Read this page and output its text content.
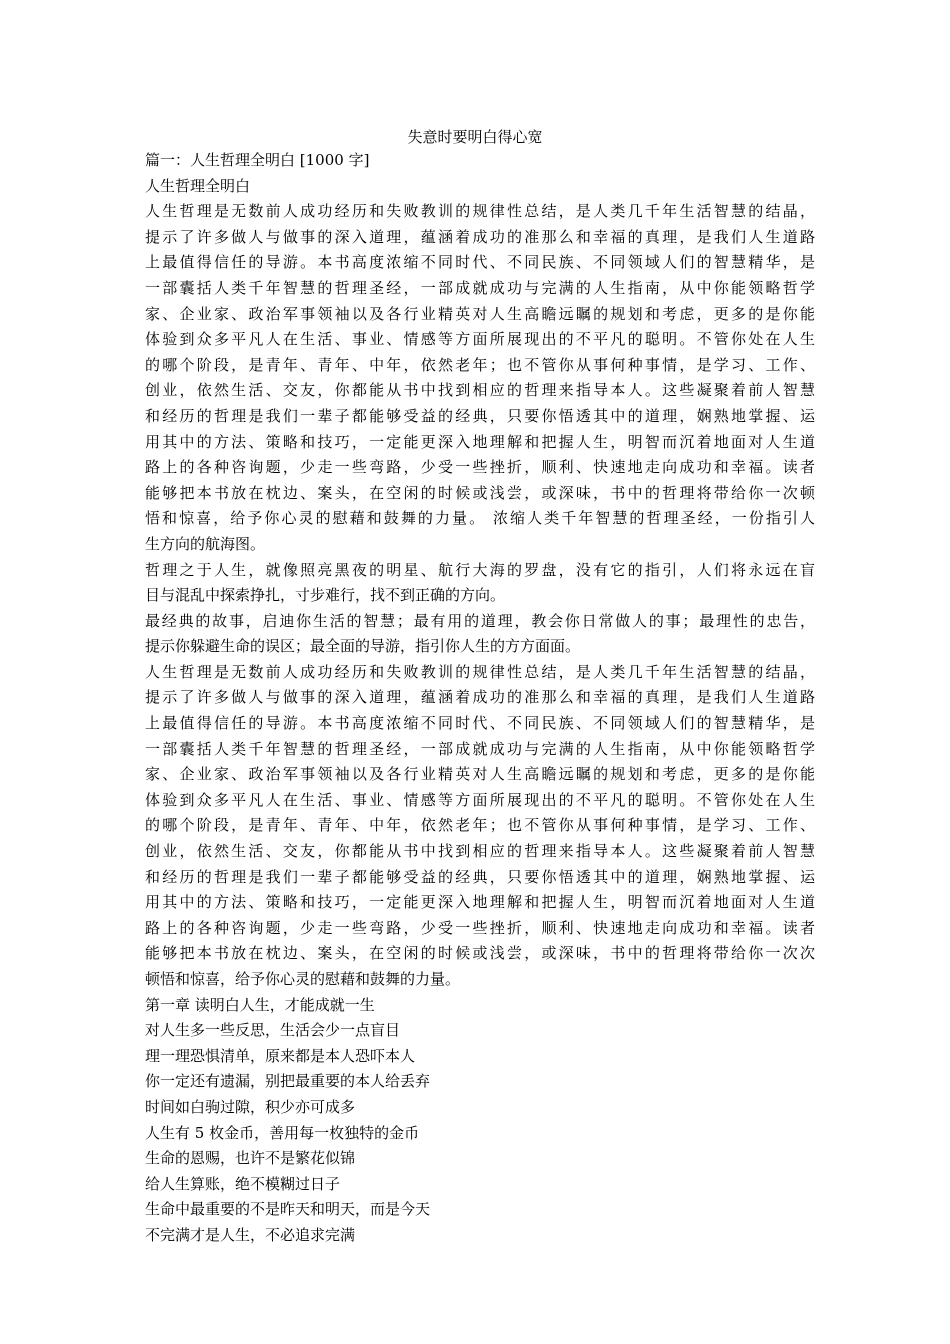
失意时要明白得心宽
篇一：人生哲理全明白 [1000 字]
人生哲理全明白
人生哲理是无数前人成功经历和失败教训的规律性总结，是人类几千年生活智慧的结晶，
提示了许多做人与做事的深入道理，蕴涵着成功的准那么和幸福的真理，是我们人生道路
上最值得信任的导游。本书高度浓缩不同时代、不同民族、不同领域人们的智慧精华，是
一部囊括人类千年智慧的哲理圣经，一部成就成功与完满的人生指南，从中你能领略哲学
家、企业家、政治军事领袖以及各行业精英对人生高瞻远瞩的规划和考虑，更多的是你能
体验到众多平凡人在生活、事业、情感等方面所展现出的不平凡的聪明。不管你处在人生
的哪个阶段，是青年、青年、中年，依然老年；也不管你从事何种事情，是学习、工作、
创业，依然生活、交友，你都能从书中找到相应的哲理来指导本人。这些凝聚着前人智慧
和经历的哲理是我们一辈子都能够受益的经典，只要你悟透其中的道理，娴熟地掌握、运
用其中的方法、策略和技巧，一定能更深入地理解和把握人生，明智而沉着地面对人生道
路上的各种咨询题，少走一些弯路，少受一些挫折，顺利、快速地走向成功和幸福。读者
能够把本书放在枕边、案头，在空闲的时候或浅尝，或深味，书中的哲理将带给你一次顿
悟和惊喜，给予你心灵的慰藉和鼓舞的力量。 浓缩人类千年智慧的哲理圣经，一份指引人
生方向的航海图。
哲理之于人生，就像照亮黑夜的明星、航行大海的罗盘，没有它的指引，人们将永远在盲
目与混乱中探索挣扎，寸步难行，找不到正确的方向。
最经典的故事，启迪你生活的智慧；最有用的道理，教会你日常做人的事；最理性的忠告，
提示你躲避生命的误区；最全面的导游，指引你人生的方方面面。
人生哲理是无数前人成功经历和失败教训的规律性总结，是人类几千年生活智慧的结晶，
提示了许多做人与做事的深入道理，蕴涵着成功的准那么和幸福的真理，是我们人生道路
上最值得信任的导游。本书高度浓缩不同时代、不同民族、不同领域人们的智慧精华，是
一部囊括人类千年智慧的哲理圣经，一部成就成功与完满的人生指南，从中你能领略哲学
家、企业家、政治军事领袖以及各行业精英对人生高瞻远瞩的规划和考虑，更多的是你能
体验到众多平凡人在生活、事业、情感等方面所展现出的不平凡的聪明。不管你处在人生
的哪个阶段，是青年、青年、中年，依然老年；也不管你从事何种事情，是学习、工作、
创业，依然生活、交友，你都能从书中找到相应的哲理来指导本人。这些凝聚着前人智慧
和经历的哲理是我们一辈子都能够受益的经典，只要你悟透其中的道理，娴熟地掌握、运
用其中的方法、策略和技巧，一定能更深入地理解和把握人生，明智而沉着地面对人生道
路上的各种咨询题，少走一些弯路，少受一些挫折，顺利、快速地走向成功和幸福。读者
能够把本书放在枕边、案头，在空闲的时候或浅尝，或深味，书中的哲理将带给你一次次
顿悟和惊喜，给予你心灵的慰藉和鼓舞的力量。
第一章 读明白人生，才能成就一生
对人生多一些反思，生活会少一点盲目
理一理恐惧清单，原来都是本人恐吓本人
你一定还有遗漏，别把最重要的本人给丢弃
时间如白驹过隙，积少亦可成多
人生有 5 枚金币，善用每一枚独特的金币
生命的恩赐，也许不是繁花似锦
给人生算账，绝不模糊过日子
生命中最重要的不是昨天和明天，而是今天
不完满才是人生，不必追求完满
